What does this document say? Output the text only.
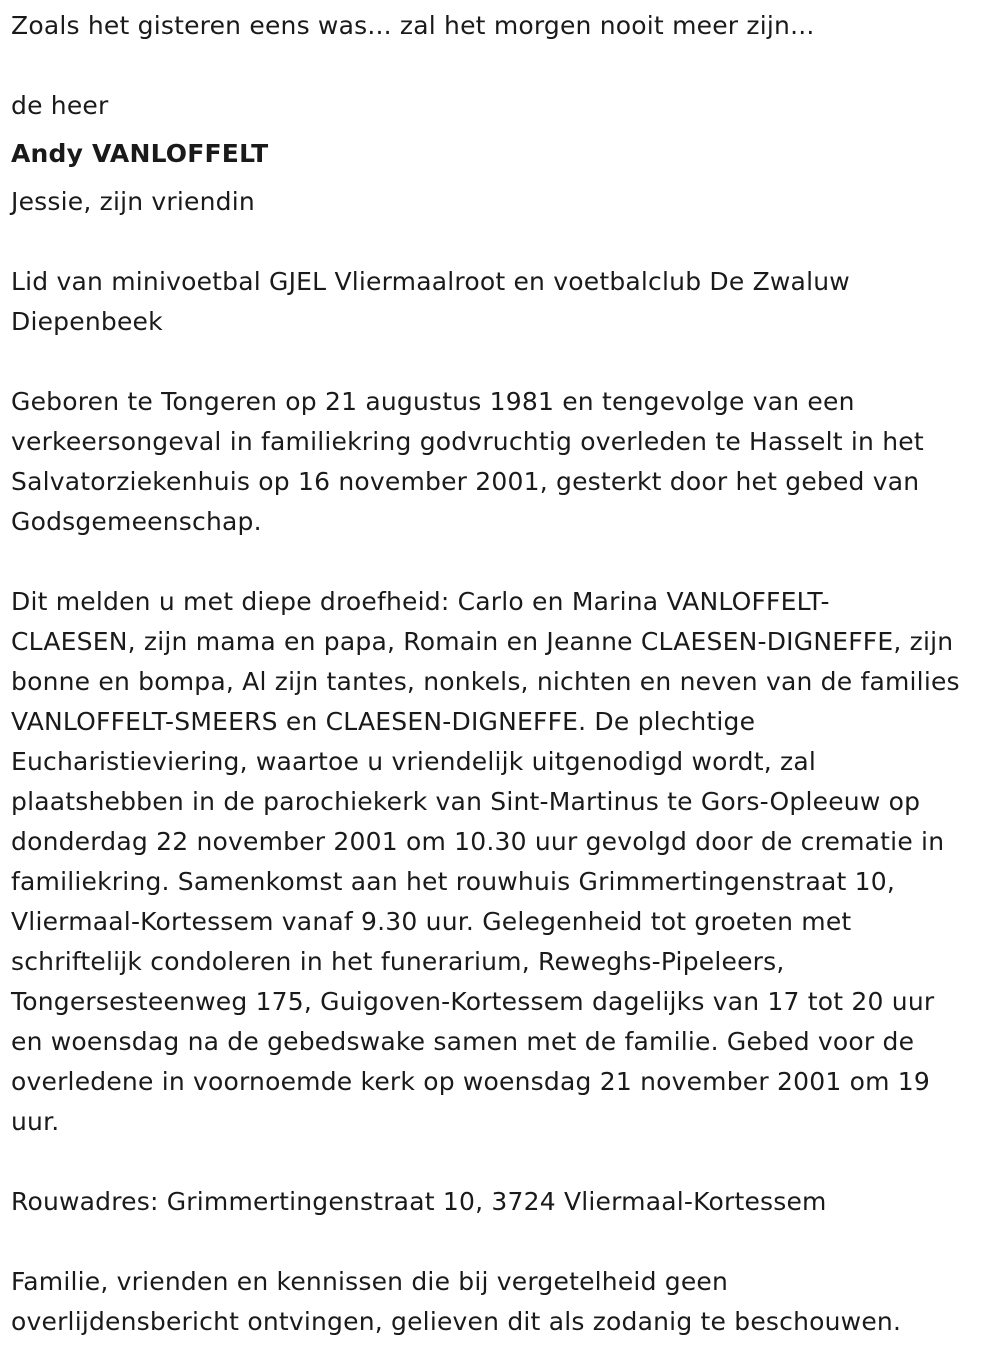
Zoals het gisteren eens was... zal het morgen nooit meer zijn...

de heer

Andy VANLOFFELT

Jessie, zijn vriendin

Lid van minivoetbal GJEL Vliermaalroot en voetbalclub De Zwaluw

Diepenbeek

Geboren te Tongeren op 21 augustus 1981 en tengevolge van een

verkeersongeval in familiekring godvruchtig overleden te Hasselt in het

Salvatorziekenhuis op 16 november 2001, gesterkt door het gebed van

Godsgemeenschap.

Dit melden u met diepe droefheid: Carlo en Marina VANLOFFELT-

CLAESEN, zijn mama en papa, Romain en Jeanne CLAESEN-DIGNEFFE, zijn

bonne en bompa, Al zijn tantes, nonkels, nichten en neven van de families

VANLOFFELT-SMEERS en CLAESEN-DIGNEFFE. De plechtige

Eucharistieviering, waartoe u vriendelijk uitgenodigd wordt, zal

plaatshebben in de parochiekerk van Sint-Martinus te Gors-Opleeuw op

donderdag 22 november 2001 om 10.30 uur gevolgd door de crematie in

familiekring. Samenkomst aan het rouwhuis Grimmertingenstraat 10,

Vliermaal-Kortessem vanaf 9.30 uur. Gelegenheid tot groeten met

schriftelijk condoleren in het funerarium, Reweghs-Pipeleers,

Tongersesteenweg 175, Guigoven-Kortessem dagelijks van 17 tot 20 uur

en woensdag na de gebedswake samen met de familie. Gebed voor de

overledene in voornoemde kerk op woensdag 21 november 2001 om 19

uur.

Rouwadres: Grimmertingenstraat 10, 3724 Vliermaal-Kortessem

Familie, vrienden en kennissen die bij vergetelheid geen

overlijdensbericht ontvingen, gelieven dit als zodanig te beschouwen.
